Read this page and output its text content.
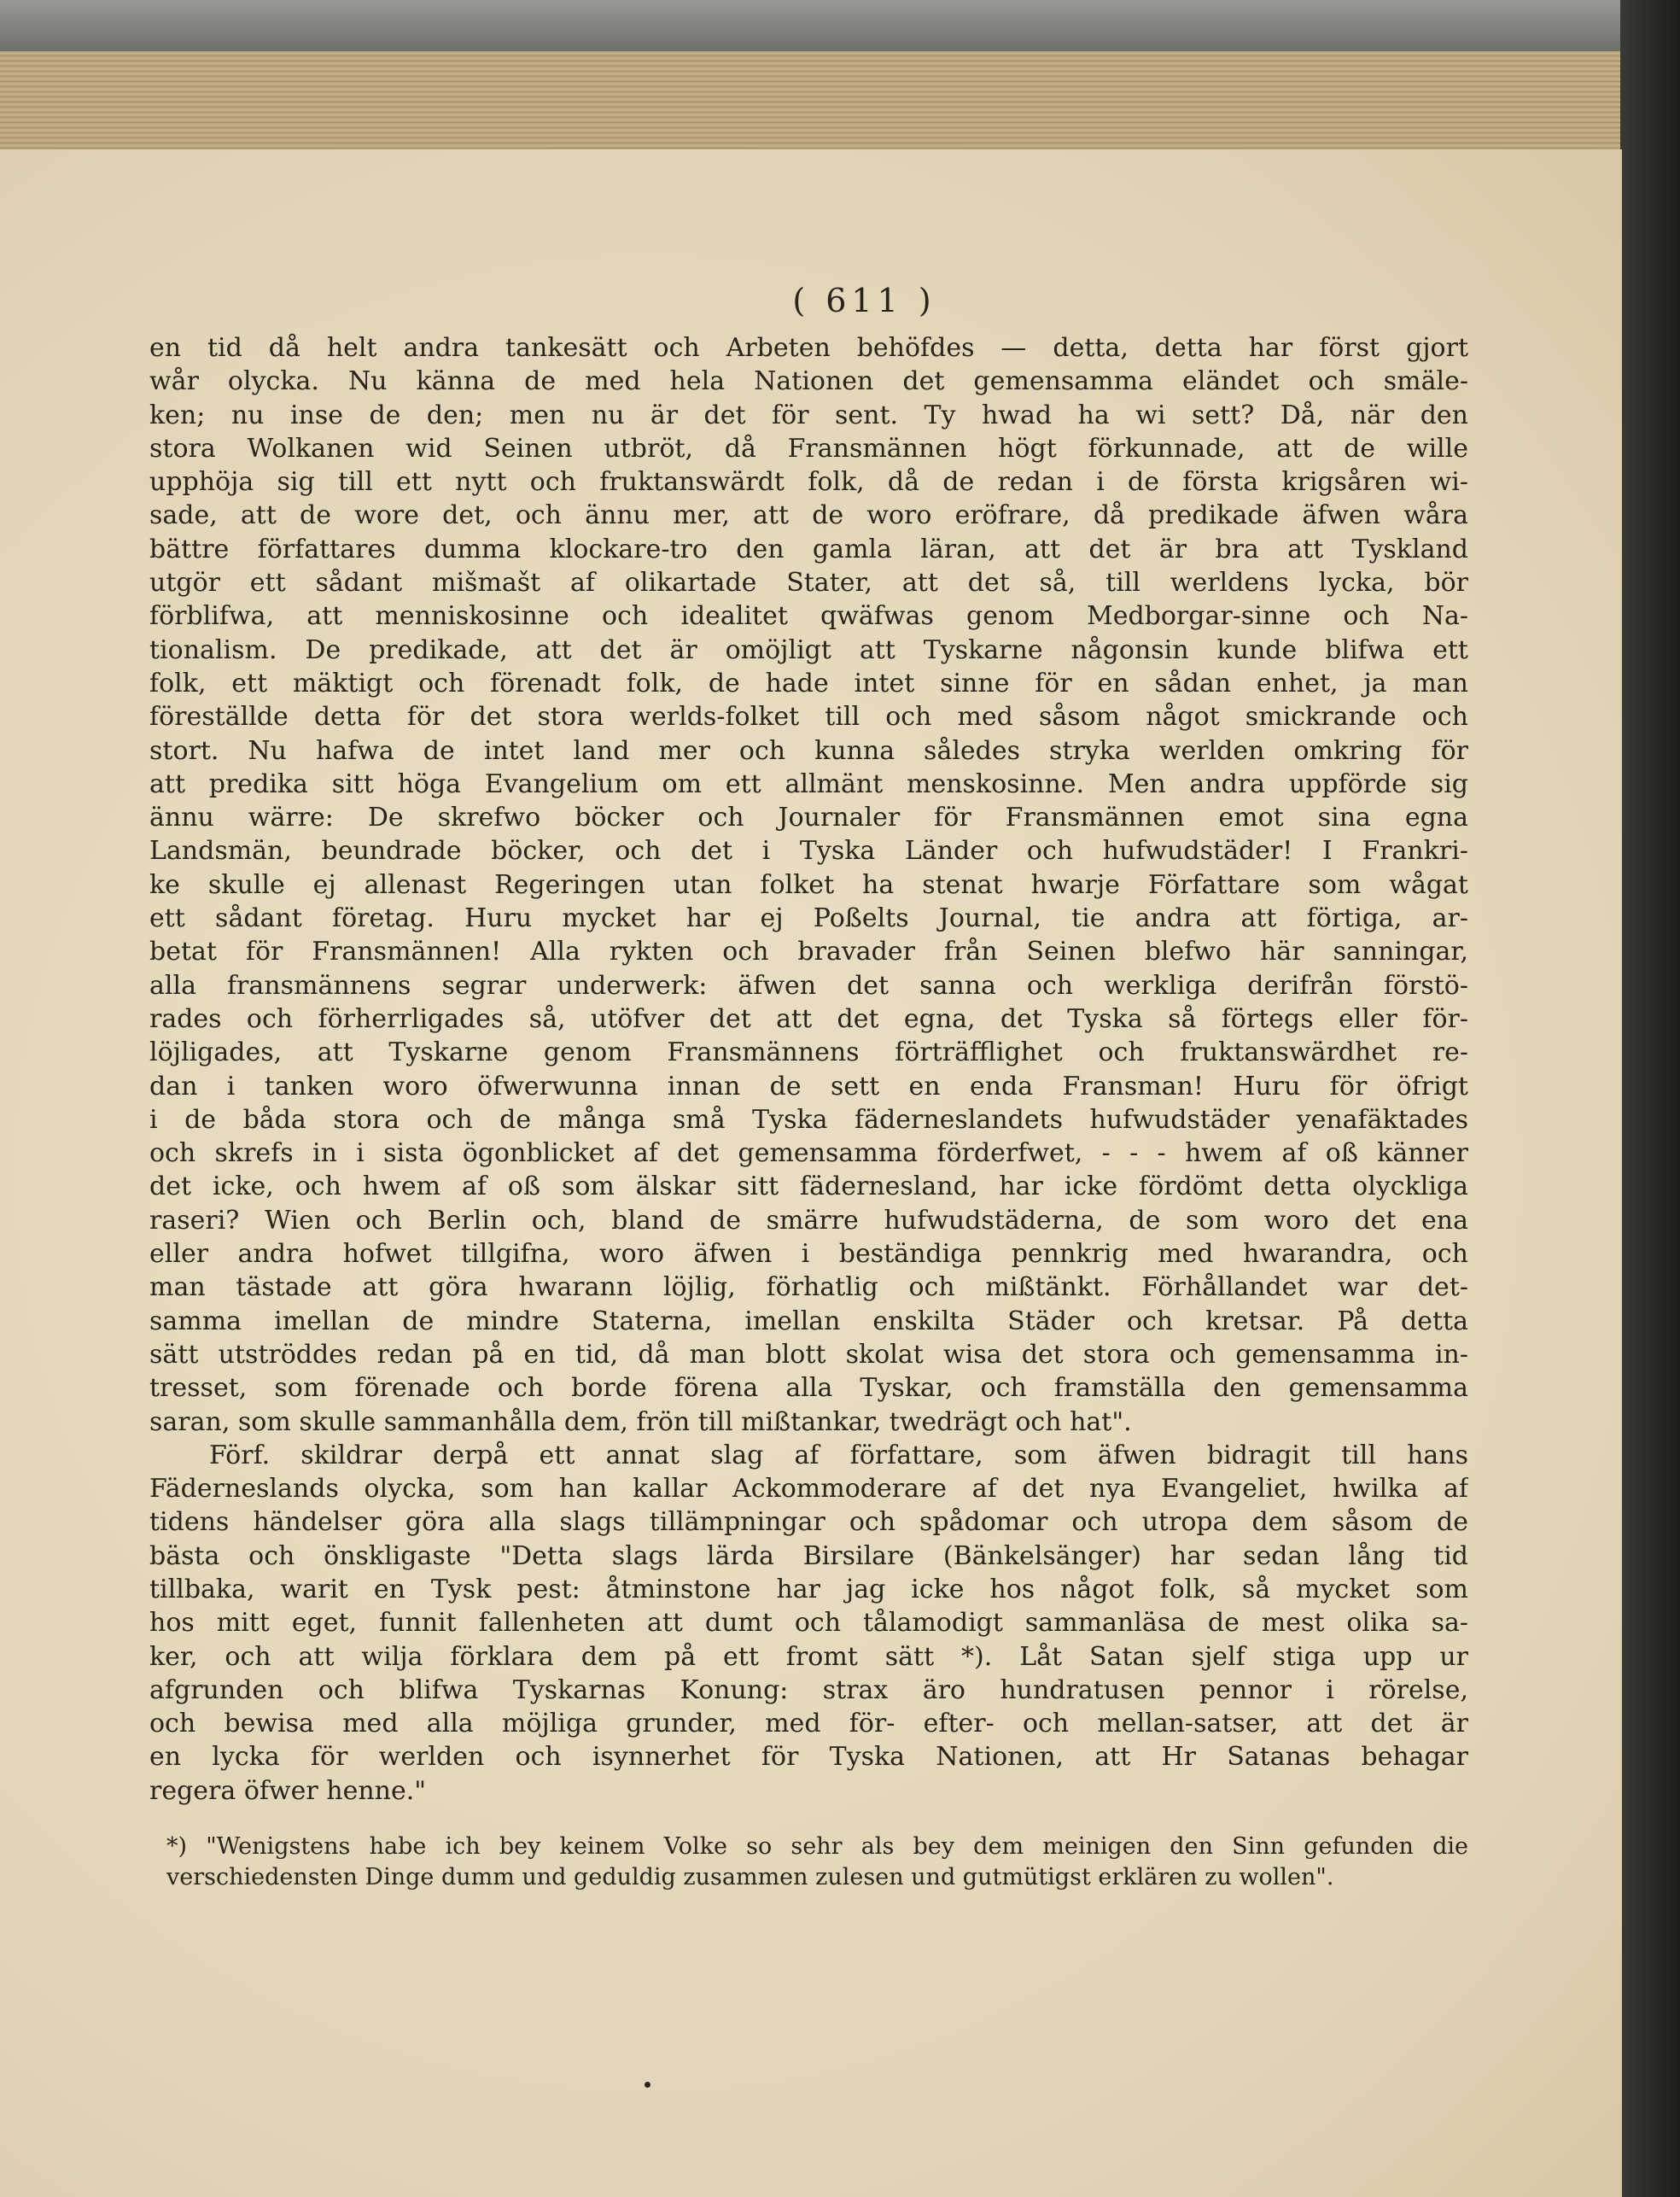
( 611 )
en tid då helt andra tankesätt och Arbeten behöfdes — detta, detta har först gjort
wår olycka. Nu känna de med hela Nationen det gemensamma eländet och smäle-
ken; nu inse de den; men nu är det för sent. Ty hwad ha wi sett? Då, när den
stora Wolkanen wid Seinen utbröt, då Fransmännen högt förkunnade, att de wille
upphöja sig till ett nytt och fruktanswärdt folk, då de redan i de första krigsåren wi-
sade, att de wore det, och ännu mer, att de woro eröfrare, då predikade äfwen wåra
bättre författares dumma klockare-tro den gamla läran, att det är bra att Tyskland
utgör ett sådant mišmašt af olikartade Stater, att det så, till werldens lycka, bör
förblifwa, att menniskosinne och idealitet qwäfwas genom Medborgar-sinne och Na-
tionalism. De predikade, att det är omöjligt att Tyskarne någonsin kunde blifwa ett
folk, ett mäktigt och förenadt folk, de hade intet sinne för en sådan enhet, ja man
föreställde detta för det stora werlds-folket till och med såsom något smickrande och
stort. Nu hafwa de intet land mer och kunna således stryka werlden omkring för
att predika sitt höga Evangelium om ett allmänt menskosinne. Men andra uppförde sig
ännu wärre: De skrefwo böcker och Journaler för Fransmännen emot sina egna
Landsmän, beundrade böcker, och det i Tyska Länder och hufwudstäder! I Frankri-
ke skulle ej allenast Regeringen utan folket ha stenat hwarje Författare som wågat
ett sådant företag. Huru mycket har ej Poßelts Journal, tie andra att förtiga, ar-
betat för Fransmännen! Alla rykten och bravader från Seinen blefwo här sanningar,
alla fransmännens segrar underwerk: äfwen det sanna och werkliga derifrån förstö-
rades och förherrligades så, utöfver det att det egna, det Tyska så förtegs eller för-
löjligades, att Tyskarne genom Fransmännens förträfflighet och fruktanswärdhet re-
dan i tanken woro öfwerwunna innan de sett en enda Fransman! Huru för öfrigt
i de båda stora och de många små Tyska fäderneslandets hufwudstäder yenafäktades
och skrefs in i sista ögonblicket af det gemensamma förderfwet, - - - hwem af oß känner
det icke, och hwem af oß som älskar sitt fädernesland, har icke fördömt detta olyckliga
raseri? Wien och Berlin och, bland de smärre hufwudstäderna, de som woro det ena
eller andra hofwet tillgifna, woro äfwen i beständiga pennkrig med hwarandra, och
man tästade att göra hwarann löjlig, förhatlig och mißtänkt. Förhållandet war det-
samma imellan de mindre Staterna, imellan enskilta Städer och kretsar. På detta
sätt utströddes redan på en tid, då man blott skolat wisa det stora och gemensamma in-
tresset, som förenade och borde förena alla Tyskar, och framställa den gemensamma
saran, som skulle sammanhålla dem, frön till mißtankar, twedrägt och hat".
Förf. skildrar derpå ett annat slag af författare, som äfwen bidragit till hans
Fäderneslands olycka, som han kallar Ackommoderare af det nya Evangeliet, hwilka af
tidens händelser göra alla slags tillämpningar och spådomar och utropa dem såsom de
bästa och önskligaste "Detta slags lärda Birsilare (Bänkelsänger) har sedan lång tid
tillbaka, warit en Tysk pest: åtminstone har jag icke hos något folk, så mycket som
hos mitt eget, funnit fallenheten att dumt och tålamodigt sammanläsa de mest olika sa-
ker, och att wilja förklara dem på ett fromt sätt *). Låt Satan sjelf stiga upp ur
afgrunden och blifwa Tyskarnas Konung: strax äro hundratusen pennor i rörelse,
och bewisa med alla möjliga grunder, med för- efter- och mellan-satser, att det är
en lycka för werlden och isynnerhet för Tyska Nationen, att Hr Satanas behagar
regera öfwer henne."
*) "Wenigstens habe ich bey keinem Volke so sehr als bey dem meinigen den Sinn gefunden die
verschiedensten Dinge dumm und geduldig zusammen zulesen und gutmütigst erklären zu wollen".
